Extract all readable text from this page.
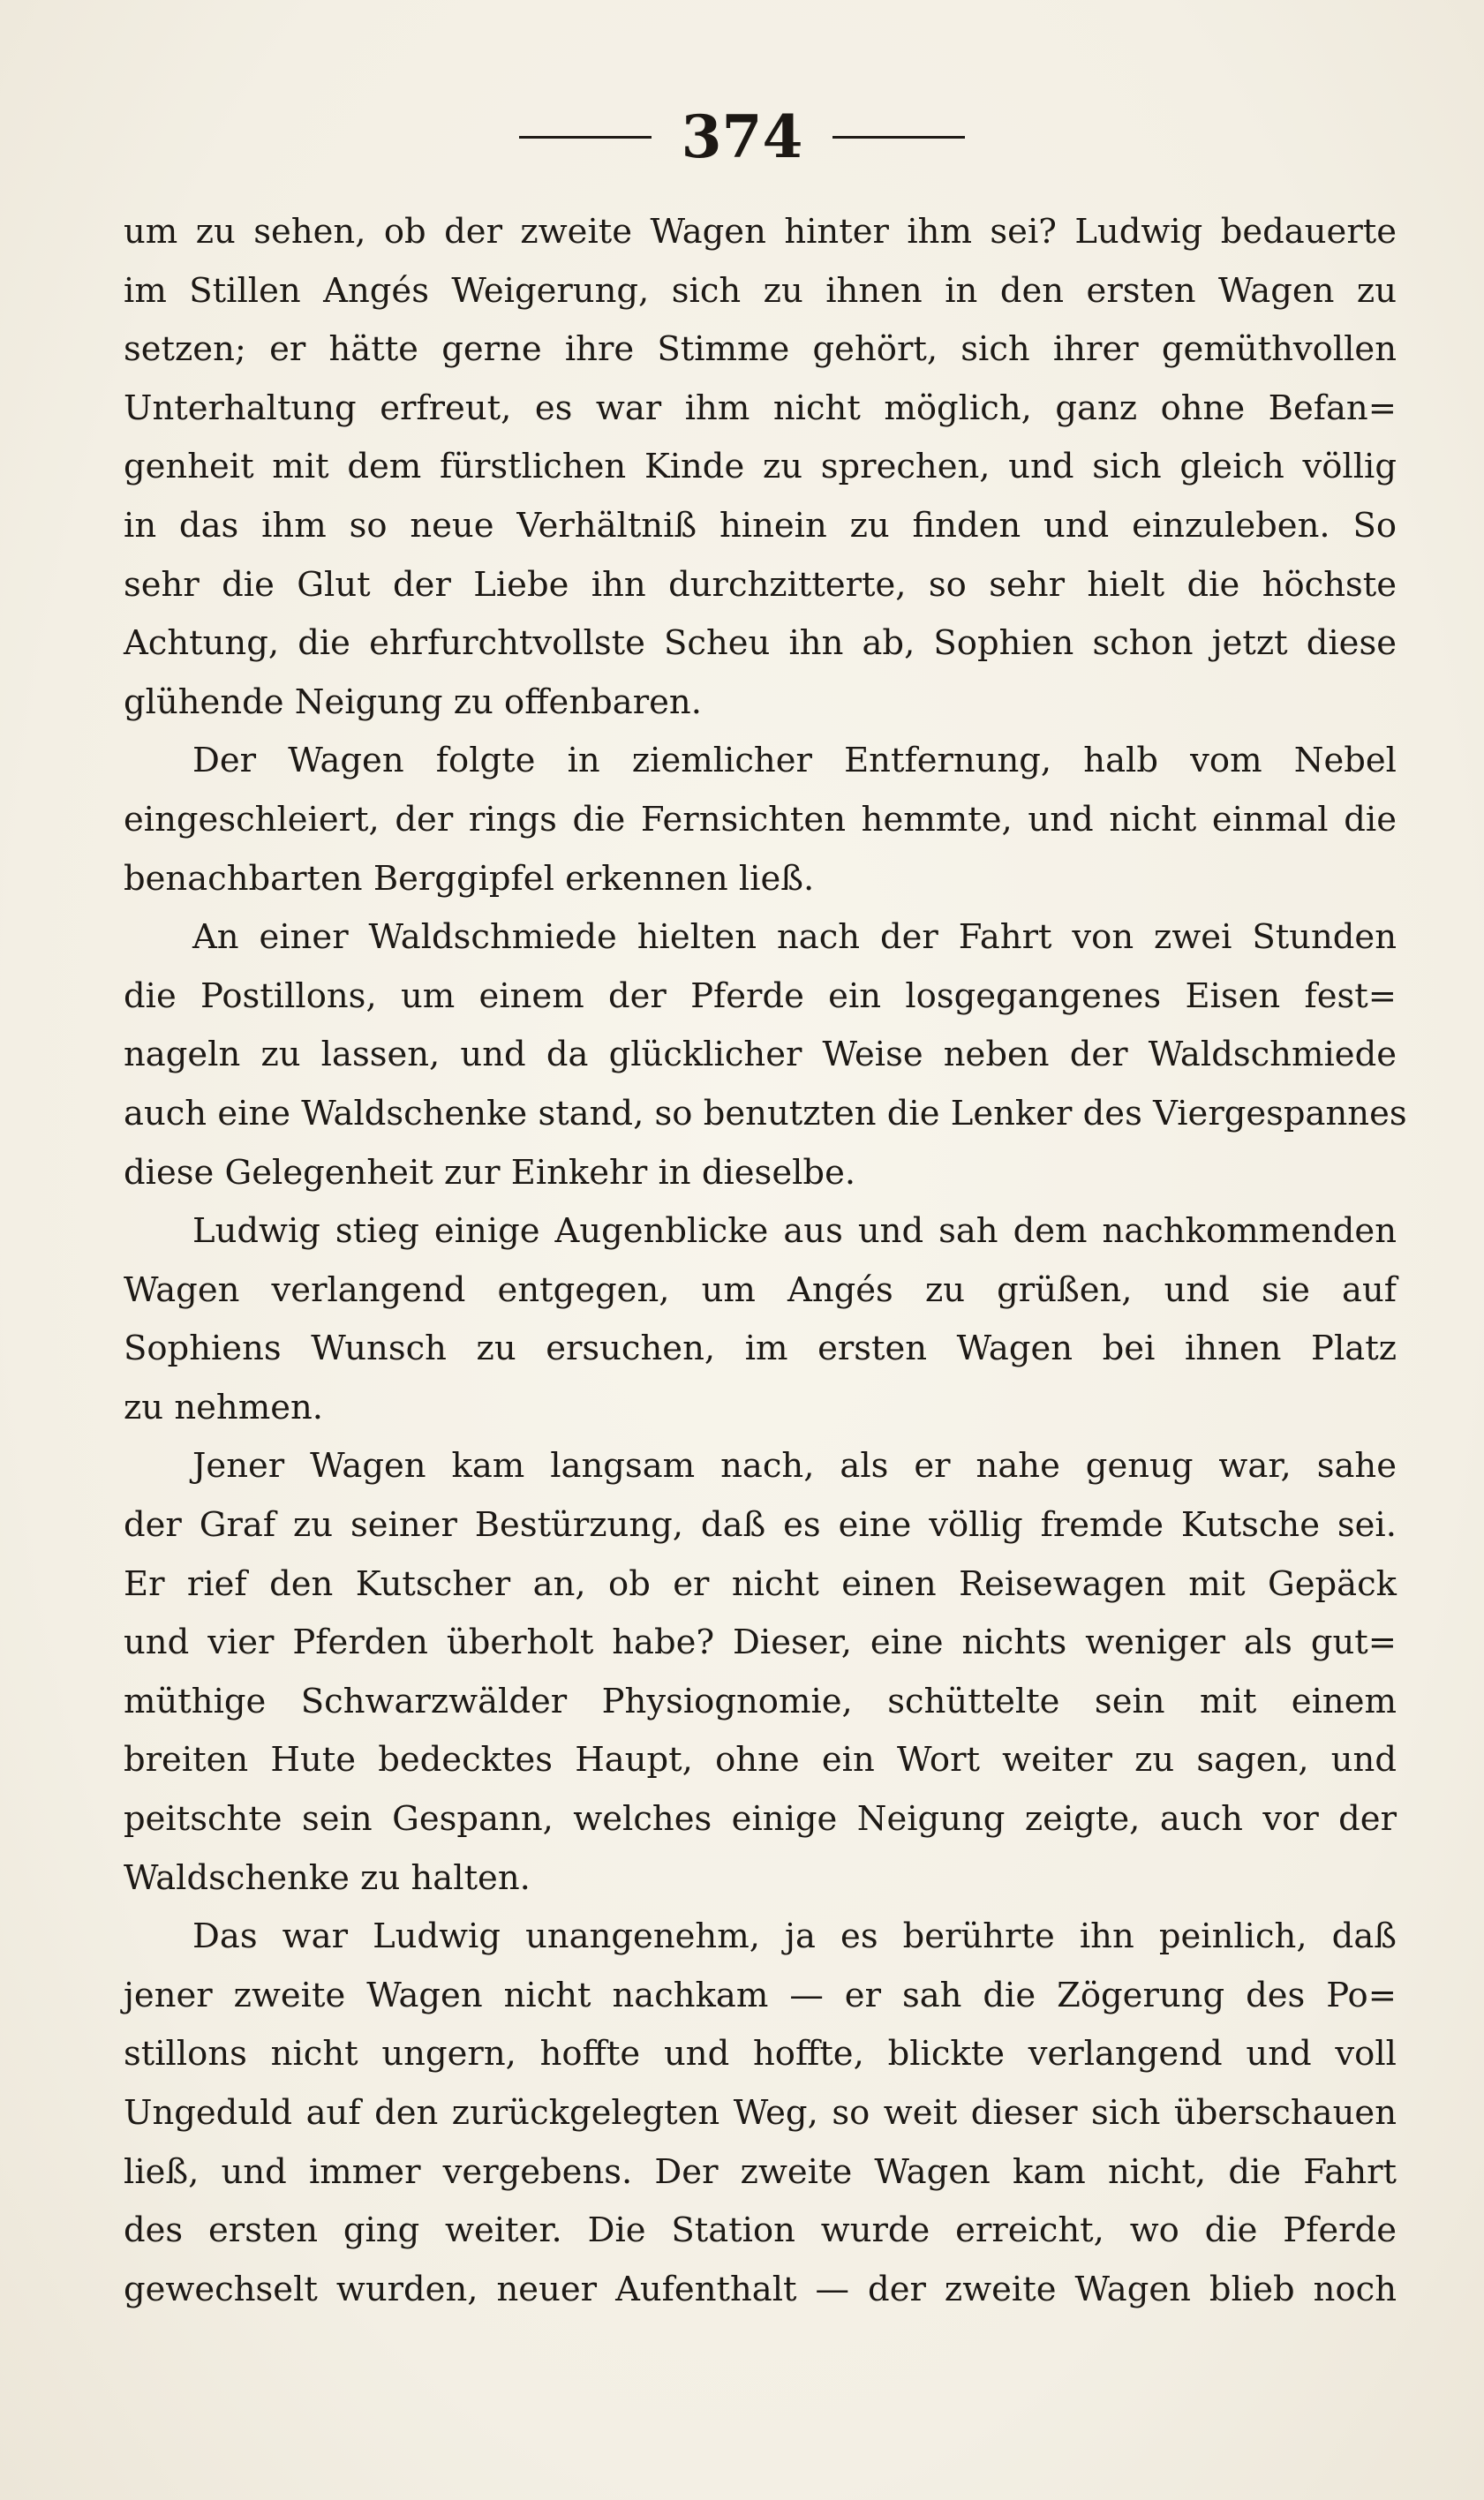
374
um zu sehen, ob der zweite Wagen hinter ihm sei? Ludwig bedauerte
im Stillen Angés Weigerung, sich zu ihnen in den ersten Wagen zu
setzen; er hätte gerne ihre Stimme gehört, sich ihrer gemüthvollen
Unterhaltung erfreut, es war ihm nicht möglich, ganz ohne Befan=
genheit mit dem fürstlichen Kinde zu sprechen, und sich gleich völlig
in das ihm so neue Verhältniß hinein zu finden und einzuleben. So
sehr die Glut der Liebe ihn durchzitterte, so sehr hielt die höchste
Achtung, die ehrfurchtvollste Scheu ihn ab, Sophien schon jetzt diese
glühende Neigung zu offenbaren.
Der Wagen folgte in ziemlicher Entfernung, halb vom Nebel
eingeschleiert, der rings die Fernsichten hemmte, und nicht einmal die
benachbarten Berggipfel erkennen ließ.
An einer Waldschmiede hielten nach der Fahrt von zwei Stunden
die Postillons, um einem der Pferde ein losgegangenes Eisen fest=
nageln zu lassen, und da glücklicher Weise neben der Waldschmiede
auch eine Waldschenke stand, so benutzten die Lenker des Viergespannes
diese Gelegenheit zur Einkehr in dieselbe.
Ludwig stieg einige Augenblicke aus und sah dem nachkommenden
Wagen verlangend entgegen, um Angés zu grüßen, und sie auf
Sophiens Wunsch zu ersuchen, im ersten Wagen bei ihnen Platz
zu nehmen.
Jener Wagen kam langsam nach, als er nahe genug war, sahe
der Graf zu seiner Bestürzung, daß es eine völlig fremde Kutsche sei.
Er rief den Kutscher an, ob er nicht einen Reisewagen mit Gepäck
und vier Pferden überholt habe? Dieser, eine nichts weniger als gut=
müthige Schwarzwälder Physiognomie, schüttelte sein mit einem
breiten Hute bedecktes Haupt, ohne ein Wort weiter zu sagen, und
peitschte sein Gespann, welches einige Neigung zeigte, auch vor der
Waldschenke zu halten.
Das war Ludwig unangenehm, ja es berührte ihn peinlich, daß
jener zweite Wagen nicht nachkam — er sah die Zögerung des Po=
stillons nicht ungern, hoffte und hoffte, blickte verlangend und voll
Ungeduld auf den zurückgelegten Weg, so weit dieser sich überschauen
ließ, und immer vergebens. Der zweite Wagen kam nicht, die Fahrt
des ersten ging weiter. Die Station wurde erreicht, wo die Pferde
gewechselt wurden, neuer Aufenthalt — der zweite Wagen blieb noch
